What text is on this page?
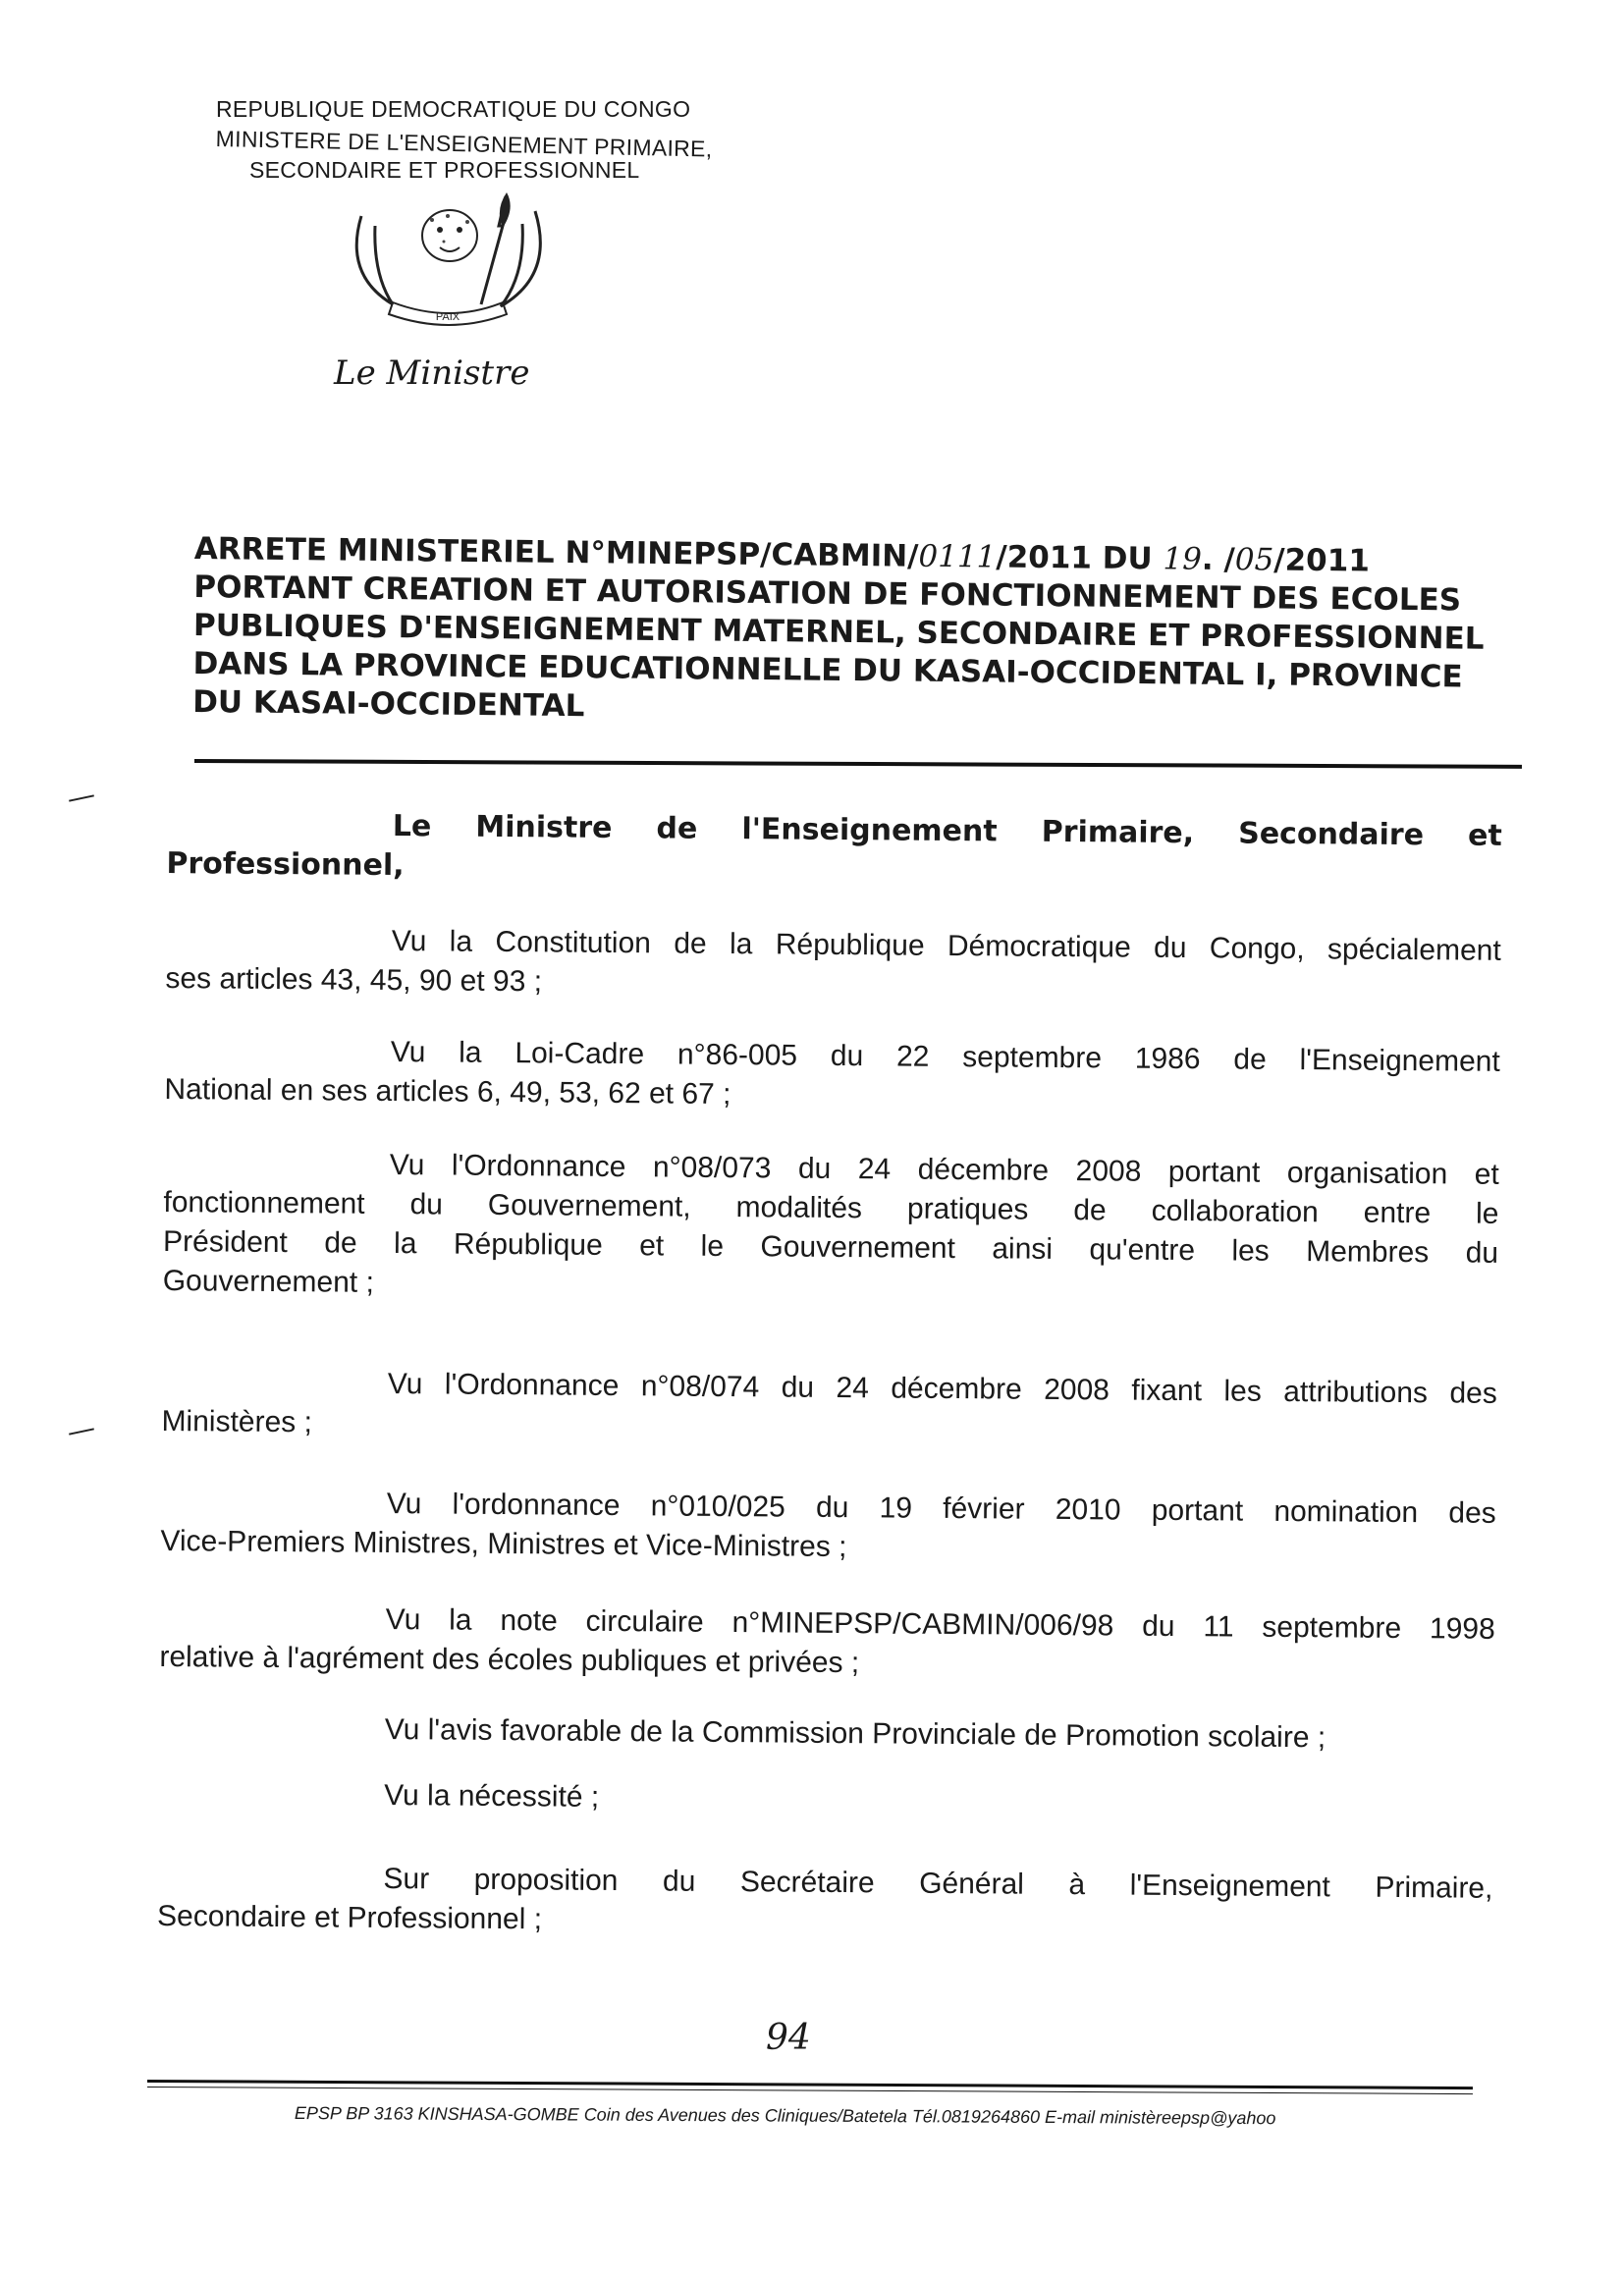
REPUBLIQUE DEMOCRATIQUE DU CONGO
MINISTERE DE L'ENSEIGNEMENT PRIMAIRE,
SECONDAIRE ET PROFESSIONNEL
PAIX
Le Ministre
ARRETE MINISTERIEL N°MINEPSP/CABMIN/0111/2011 DU 19. /05/2011
PORTANT CREATION ET AUTORISATION DE FONCTIONNEMENT DES ECOLES
PUBLIQUES D'ENSEIGNEMENT MATERNEL, SECONDAIRE ET PROFESSIONNEL
DANS LA PROVINCE EDUCATIONNELLE DU KASAI-OCCIDENTAL I, PROVINCE
DU KASAI-OCCIDENTAL
Le Ministre de l'Enseignement Primaire, Secondaire et
Professionnel,
Vu la Constitution de la République Démocratique du Congo, spécialement
ses articles 43, 45, 90 et 93 ;
Vu la Loi-Cadre n°86-005 du 22 septembre 1986 de l'Enseignement
National en ses articles 6, 49, 53, 62 et 67 ;
Vu l'Ordonnance n°08/073 du 24 décembre 2008 portant organisation et
fonctionnement du Gouvernement, modalités pratiques de collaboration entre le
Président de la République et le Gouvernement ainsi qu'entre les Membres du
Gouvernement ;
Vu l'Ordonnance n°08/074 du 24 décembre 2008 fixant les attributions des
Ministères ;
Vu l'ordonnance n°010/025 du 19 février 2010 portant nomination des
Vice-Premiers Ministres, Ministres et Vice-Ministres ;
Vu la note circulaire n°MINEPSP/CABMIN/006/98 du 11 septembre 1998
relative à l'agrément des écoles publiques et privées ;
Vu l'avis favorable de la Commission Provinciale de Promotion scolaire ;
Vu la nécessité ;
Sur proposition du Secrétaire Général à l'Enseignement Primaire,
Secondaire et Professionnel ;
94
EPSP BP 3163 KINSHASA-GOMBE Coin des Avenues des Cliniques/Batetela Tél.0819264860 E-mail ministèreepsp@yahoo
